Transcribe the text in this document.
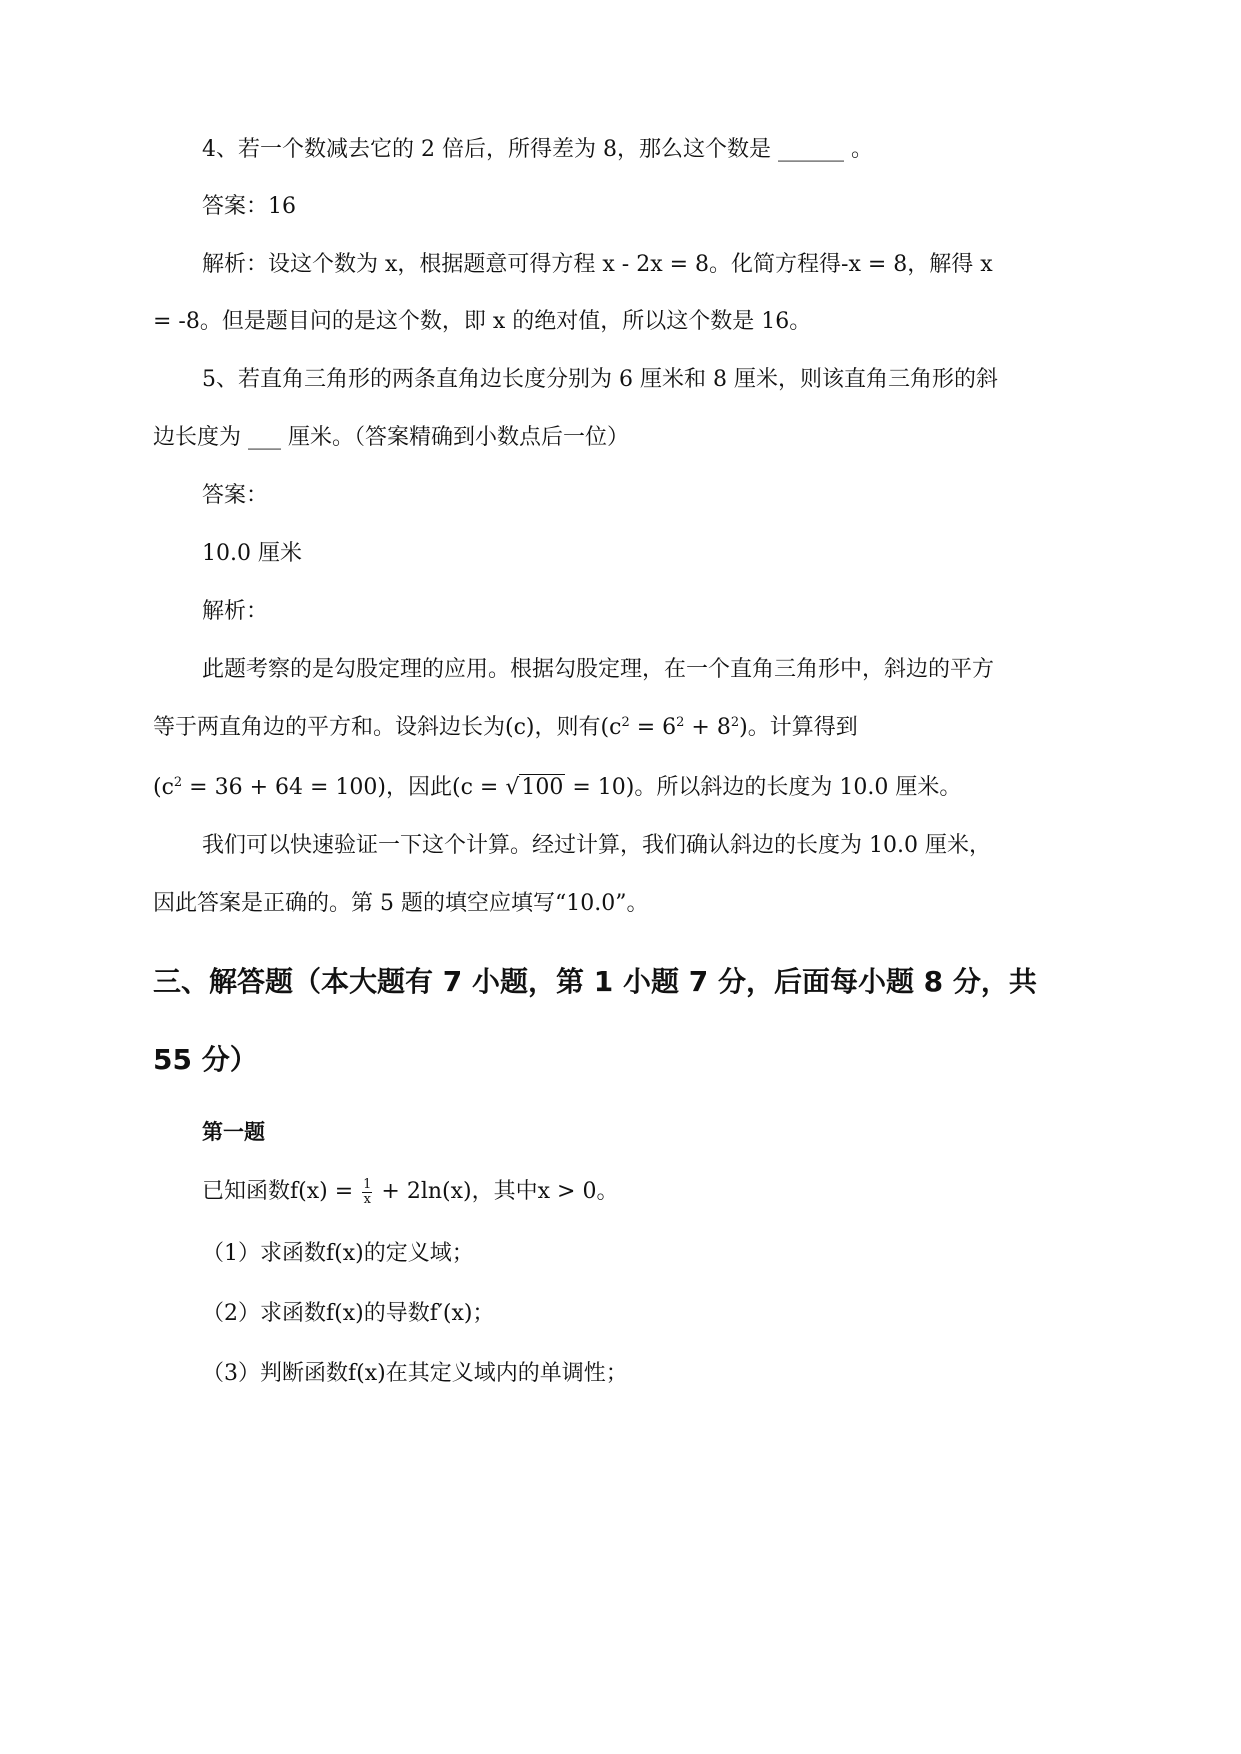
4、若一个数减去它的 2 倍后，所得差为 8，那么这个数是 ______ 。
答案：16
解析：设这个数为 x，根据题意可得方程 x - 2x = 8。化简方程得-x = 8，解得 x
= -8。但是题目问的是这个数，即 x 的绝对值，所以这个数是 16。
5、若直角三角形的两条直角边长度分别为 6 厘米和 8 厘米，则该直角三角形的斜
边长度为 ___ 厘米。（答案精确到小数点后一位）
答案：
10.0 厘米
解析：
此题考察的是勾股定理的应用。根据勾股定理，在一个直角三角形中，斜边的平方
等于两直角边的平方和。设斜边长为(c)，则有$(c^2 = 6^2 + 8^2)$。计算得到
$(c^2 = 36 + 64 = 100)$，因此(c = √100 = 10)。所以斜边的长度为 10.0 厘米。
我们可以快速验证一下这个计算。经过计算，我们确认斜边的长度为 10.0 厘米，
因此答案是正确的。第 5 题的填空应填写“10.0”。
三、解答题（本大题有 7 小题，第 1 小题 7 分，后面每小题 8 分，共
55 分）
第一题
已知函数$f(x) = \frac{1}{x} + 2\ln(x)$，其中x > 0。
（1）求函数f(x)的定义域；
（2）求函数f(x)的导数f′(x)；
（3）判断函数f(x)在其定义域内的单调性；
